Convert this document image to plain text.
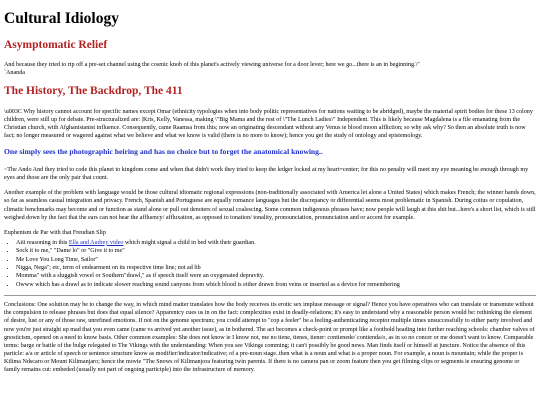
Cultural Idiology
Asymptomatic Relief

And because they tried to rip off a pre-set channel using the cosmic knob of this planet's actively viewing universe for a door lever; here we go...there is an in beginning.\"
`Ananda

The History, The Backdrop, The 411

\u003C Why history cannot account for specific names except Omar (ethnicity typologies when into body politic representatives for nations waiting to be abridged), maybe the material spirit bodies for these 13 colony children, were still up for debate. Pre-structuralized are: |Kris, Kelly, Vanessa, making \"Big Mama and the rest of \"The Lunch Ladies\" Independent. This is likely because Magdalena is a file emanating from the Christian church, with Afghanistanist influence. Consequently, came Raamsa from this; now an originating descendant without any Venus ie blood moon affliction; so why ask why? So then an absolute truth is now fact; no longer measured or wagered against what we believe and what we know is valid (there is no more to know); hence you get the study of ontology and epistemology.

One simply sees the photographic heiring and has no choice but to forget the anatomical knowing..

~The Ando And they tried to code this planet to kingdom come and when that didn't work they tried to keep the ledger locked at my heart=center; for this no penalty will meet my eye meaning be enough through my eyes and those are the only pair that count.

Another example of the problem with language would be those cultural idiomatic regional expressions (non-traditionally associated with America let alone a United States) which makes French; the winner hands down, so far as seamless casual integration and privacy. French, Spanish and Portuguese are equally romance languages but the discrepancy or differential seems most problematic in Spanish. During coitus or copulation, climatic benchmarks may become and or function as stand alone or pull out denoters of sexual coalescing. Some common indigenous phrases have; now people will laugh at this shit but...here's a short list, which is still weighed down by the fact that the ears can not hear the affluency/ affluxation, as opposed to tonation/ tonality, pronounciation, pronunciation and or accent for example.

Euphenism de Par with that Freudian Slip

• Aiii reasoning in this Ella and Audrey video which might signal a child in bed with their guardian.
• Sock it to me," "Dame lo" or "Give it to me"
• Me Love You Long Time, Sailor"
• Nigga, Nega"; etc, term of endearment on its respective time line; not ad lib
• Momma" with a sluggish vowel or Southern"drawl," as if speech itself were an oxygenated depravity.
• Owww which has a drawl as to indicate slower reaching sound canyons from which blood is either drawn from veins or inserted as a device for remembering

Conclusions: One solution may be to change the way, in which mind matter translates how the body receives its erotic sex impluse message or signal? Hence you have operatives who can translate or transmute without the compulsion to release phrases but does that equal silence? Apparentcy cues us in on the fact: complexities exist in deadly-relations; it's easy to understand why a reasonable person would be: rethinking the element of desire, lust or any of those raw, unrefined emotions. If not on the genome spectrum; you could attempt to "cop a feeler" be a feeling-authenticating receptor multiple times unsuccessfully to either party involved and now you're just straight up mad that you even came (came vs arrived yet another issue), as in bothered. The act becomes a check-point or prompt like a foothold heading into further reaching schools: chamber valves of gnosticism, opened on a need to know basis. Other common examples: She does not know ie I know not, me no tiene, tienes, tiener: contienede/ contienda/o, as in so no concer or me doesn't want to know. Comparable terms: barge or battle of the bulge relegated to The Vikings with the understanding: When you see Vikings comming; it can't possibly be good news. Man finds itself or himself at juncture. Notice the absence of this particle: a/a or article of speech or sentence structure know as modifier/indicator/indicative; of a pre-noun stage..then what is a noun and what is a proper noun. For example, a noun is mountain; while the proper is Kilima Ndscaro or Mount Kilimanjaro; hence the movie "The Snows of Kilimanjora featuring twin parents. If there is no camera pan or zoom feature then you get filming clips or segments ie ensuring genome or family remains cut: embeded (usually not part of ongoing participle) into the infrastructure of memory.
